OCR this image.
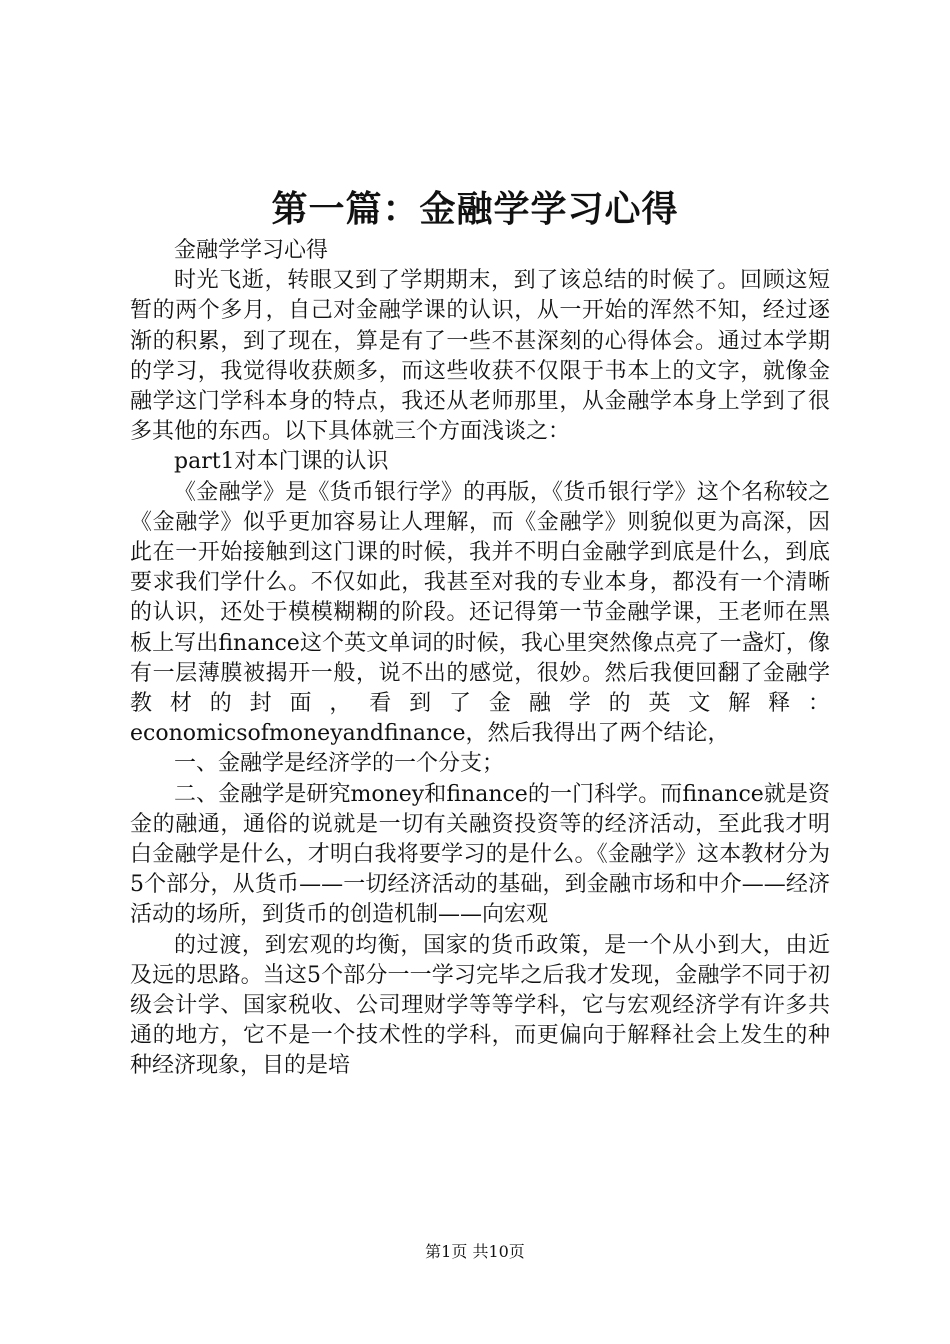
第一篇：金融学学习心得

金融学学习心得

时光飞逝，转眼又到了学期期末，到了该总结的时候了。回顾这短暂的两个多月，自己对金融学课的认识，从一开始的浑然不知，经过逐渐的积累，到了现在，算是有了一些不甚深刻的心得体会。通过本学期的学习，我觉得收获颇多，而这些收获不仅限于书本上的文字，就像金融学这门学科本身的特点，我还从老师那里，从金融学本身上学到了很多其他的东西。以下具体就三个方面浅谈之：

part1对本门课的认识

《金融学》是《货币银行学》的再版，《货币银行学》这个名称较之《金融学》似乎更加容易让人理解，而《金融学》则貌似更为高深，因此在一开始接触到这门课的时候，我并不明白金融学到底是什么，到底要求我们学什么。不仅如此，我甚至对我的专业本身，都没有一个清晰的认识，还处于模模糊糊的阶段。还记得第一节金融学课，王老师在黑板上写出finance这个英文单词的时候，我心里突然像点亮了一盏灯，像有一层薄膜被揭开一般，说不出的感觉，很妙。然后我便回翻了金融学教材的封面，看到了金融学的英文解释：economicsofmoneyandfinance，然后我得出了两个结论，

一、金融学是经济学的一个分支；

二、金融学是研究money和finance的一门科学。而finance就是资金的融通，通俗的说就是一切有关融资投资等的经济活动，至此我才明白金融学是什么，才明白我将要学习的是什么。《金融学》这本教材分为5个部分，从货币——一切经济活动的基础，到金融市场和中介——经济活动的场所，到货币的创造机制——向宏观

的过渡，到宏观的均衡，国家的货币政策，是一个从小到大，由近及远的思路。当这5个部分一一学习完毕之后我才发现，金融学不同于初级会计学、国家税收、公司理财学等等学科，它与宏观经济学有许多共通的地方，它不是一个技术性的学科，而更偏向于解释社会上发生的种种经济现象，目的是培

第1页 共10页
